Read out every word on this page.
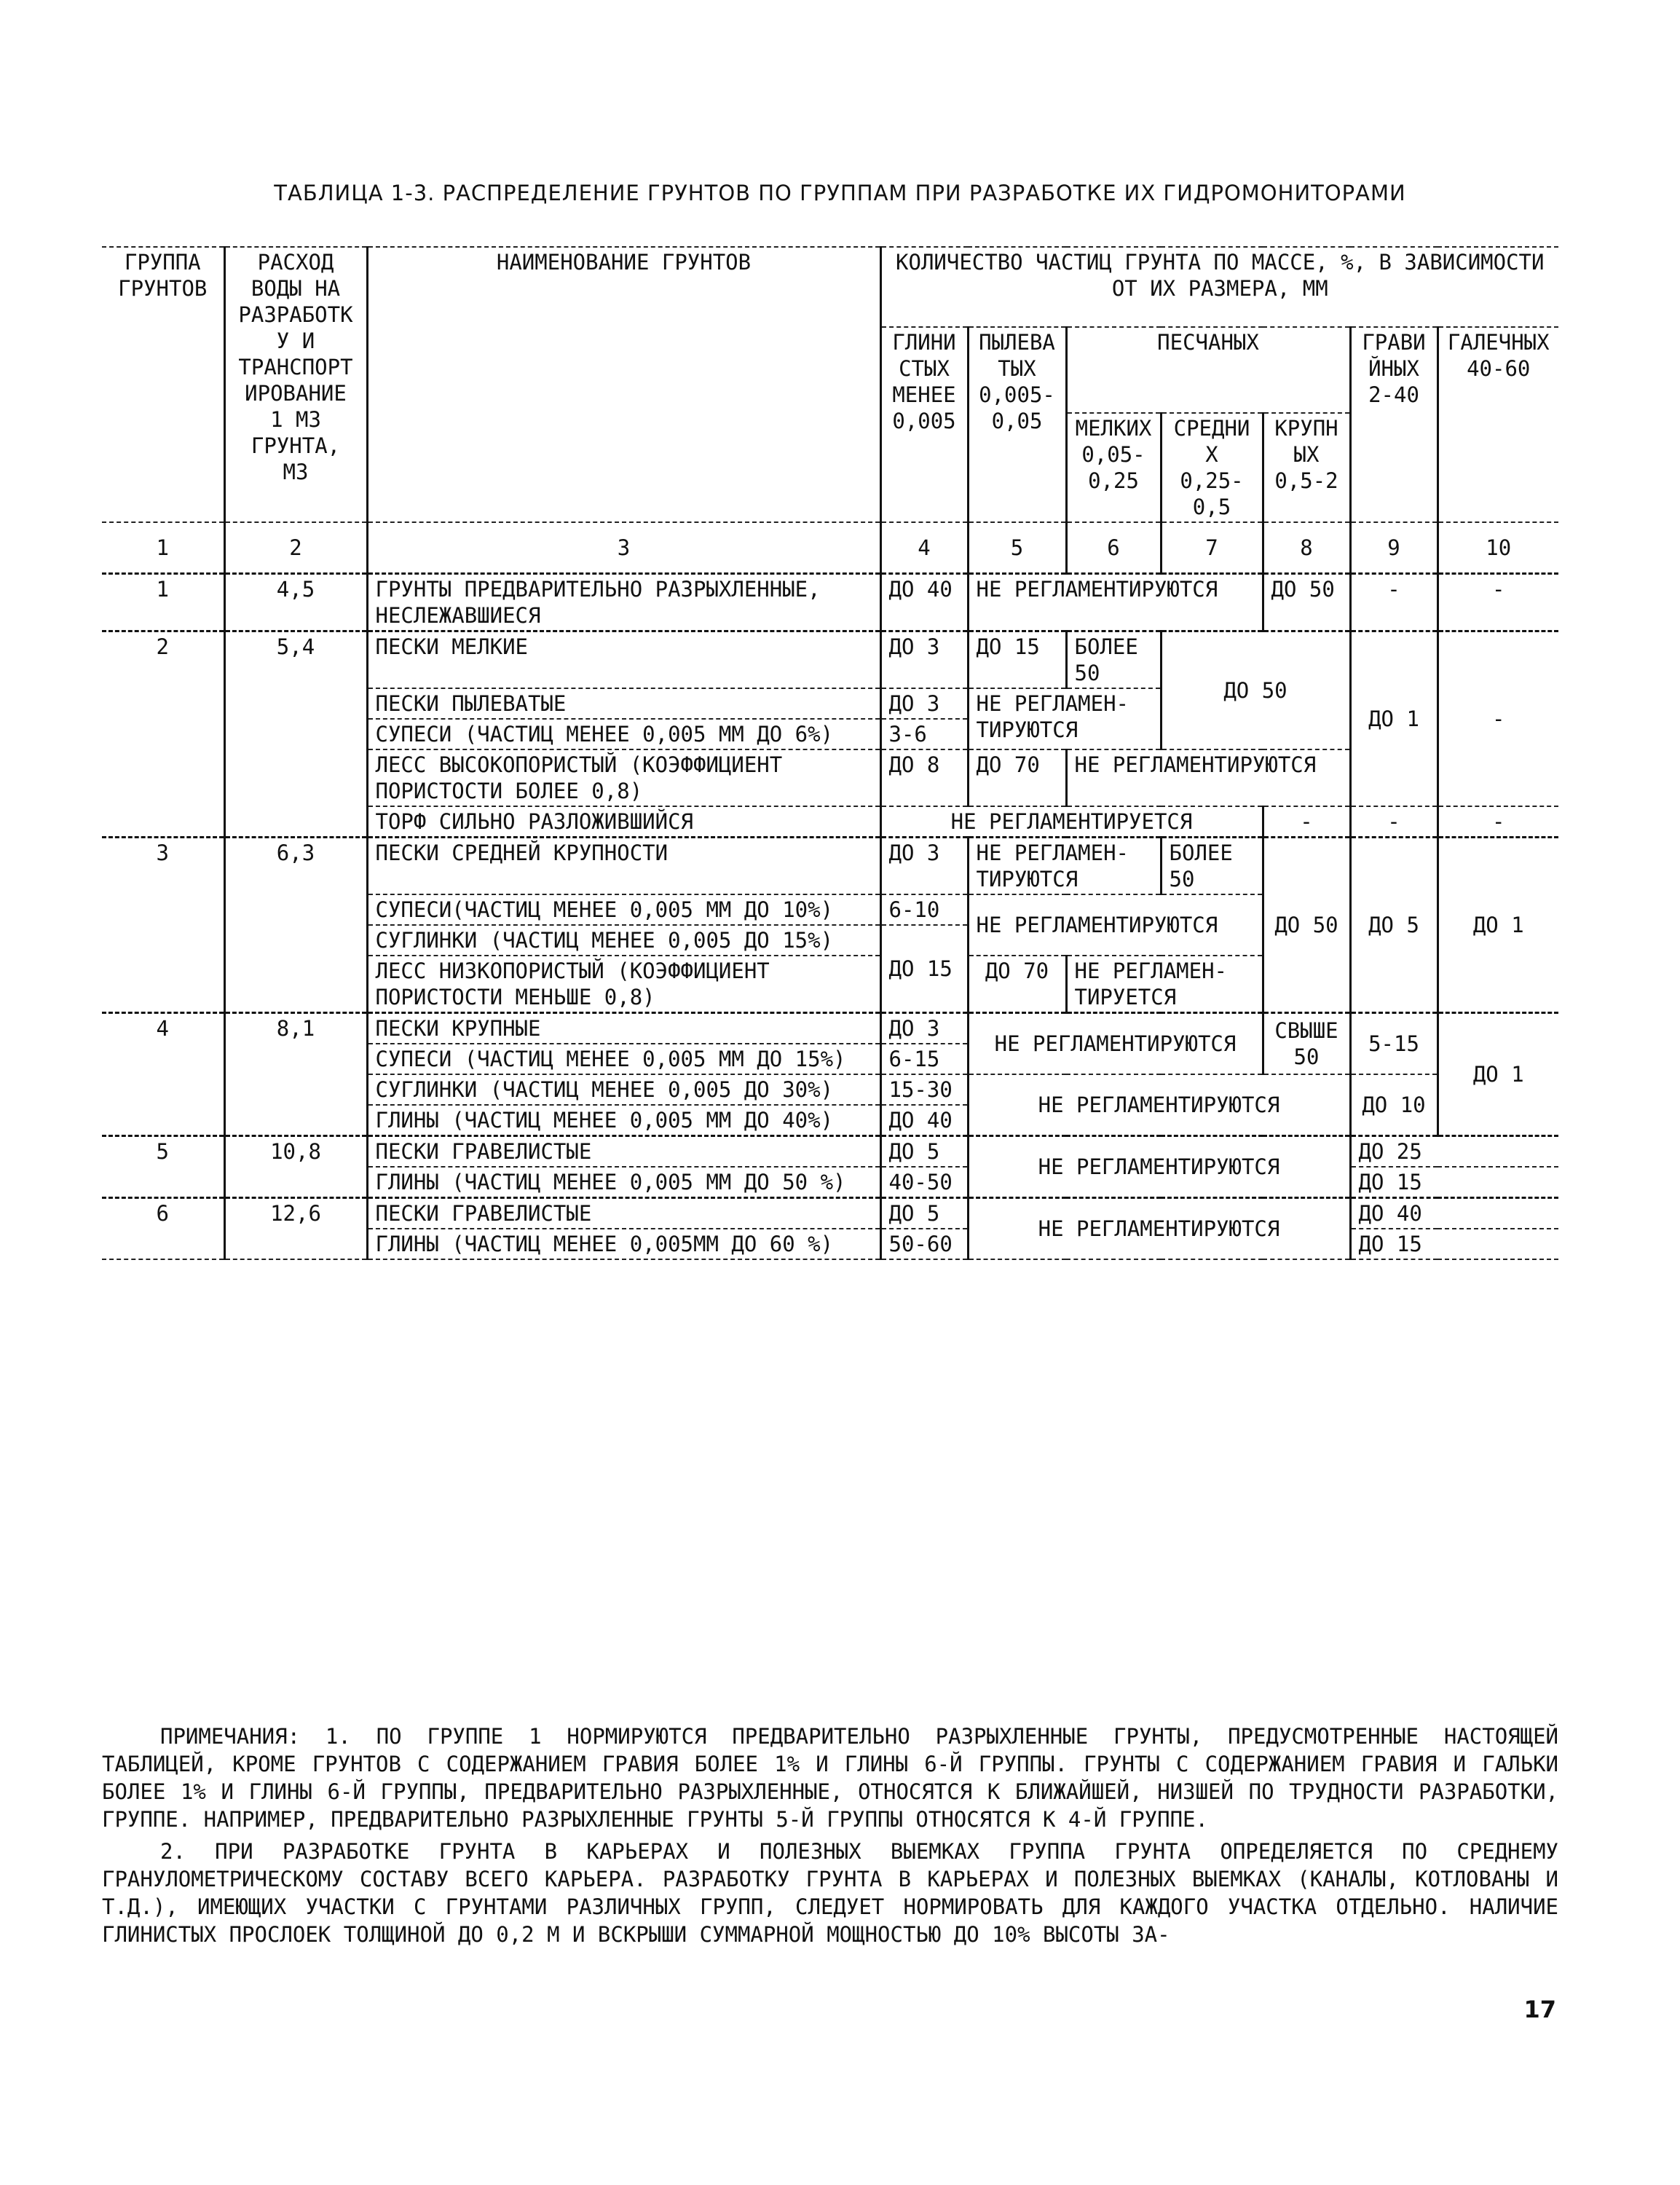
ТАБЛИЦА 1-3. РАСПРЕДЕЛЕНИЕ ГРУНТОВ ПО ГРУППАМ ПРИ РАЗРАБОТКЕ ИХ ГИДРОМОНИТОРАМИ
ГРУППА ГРУНТОВ	РАСХОД ВОДЫ НА РАЗРАБОТКУ И ТРАНСПОРТИРОВАНИЕ 1 М3 ГРУНТА, М3	НАИМЕНОВАНИЕ ГРУНТОВ	КОЛИЧЕСТВО ЧАСТИЦ ГРУНТА ПО МАССЕ, %, В ЗАВИСИМОСТИ ОТ ИХ РАЗМЕРА, ММ						
			ГЛИНИСТЫХ МЕНЕЕ 0,005	ПЫЛЕВАТЫХ 0,005-0,05	ПЕСЧАНЫХ			ГРАВИЙНЫХ 2-40	ГАЛЕЧНЫХ 40-60
					МЕЛКИХ 0,05-0,25	СРЕДНИХ 0,25-0,5	КРУПНЫХ 0,5-2		
1	2	3	4	5	6	7	8	9	10
1	4,5	ГРУНТЫ ПРЕДВАРИТЕЛЬНО РАЗРЫХЛЕННЫЕ, НЕСЛЕЖАВШИЕСЯ	ДО 40	НЕ РЕГЛАМЕНТИРУЮТСЯ			ДО 50	-	-
2	5,4	ПЕСКИ МЕЛКИЕ	ДО 3	ДО 15	БОЛЕЕ 50	ДО 50		ДО 1	-
		ПЕСКИ ПЫЛЕВАТЫЕ	ДО 3	НЕ РЕГЛАМЕН- ТИРУЮТСЯ					
		СУПЕСИ (ЧАСТИЦ МЕНЕЕ 0,005 ММ ДО 6%)	3-6						
		ЛЕСС ВЫСОКОПОРИСТЫЙ (КОЭФФИЦИЕНТ ПОРИСТОСТИ БОЛЕЕ 0,8)	ДО 8	ДО 70	НЕ РЕГЛАМЕНТИРУЮТСЯ				
		ТОРФ СИЛЬНО РАЗЛОЖИВШИЙСЯ	НЕ РЕГЛАМЕНТИРУЕТСЯ				-	-	-
3	6,3	ПЕСКИ СРЕДНЕЙ КРУПНОСТИ	ДО 3	НЕ РЕГЛАМЕН- ТИРУЮТСЯ		БОЛЕЕ 50	ДО 50	ДО 5	ДО 1
		СУПЕСИ(ЧАСТИЦ МЕНЕЕ 0,005 ММ ДО 10%)	6-10	НЕ РЕГЛАМЕНТИРУЮТСЯ					
		СУГЛИНКИ (ЧАСТИЦ МЕНЕЕ 0,005 ДО 15%)	ДО 15						
		ЛЕСС НИЗКОПОРИСТЫЙ (КОЭФФИЦИЕНТ ПОРИСТОСТИ МЕНЬШЕ 0,8)		ДО 70	НЕ РЕГЛАМЕН- ТИРУЕТСЯ				
4	8,1	ПЕСКИ КРУПНЫЕ	ДО 3	НЕ РЕГЛАМЕНТИРУЮТСЯ			СВЫШЕ 50	5-15	ДО 1
		СУПЕСИ (ЧАСТИЦ МЕНЕЕ 0,005 ММ ДО 15%)	6-15						
		СУГЛИНКИ (ЧАСТИЦ МЕНЕЕ 0,005 ДО 30%)	15-30	НЕ РЕГЛАМЕНТИРУЮТСЯ				ДО 10	
		ГЛИНЫ (ЧАСТИЦ МЕНЕЕ 0,005 ММ ДО 40%)	ДО 40						
5	10,8	ПЕСКИ ГРАВЕЛИСТЫЕ	ДО 5	НЕ РЕГЛАМЕНТИРУЮТСЯ				ДО 25	
		ГЛИНЫ (ЧАСТИЦ МЕНЕЕ 0,005 ММ ДО 50 %)	40-50					ДО 15	
6	12,6	ПЕСКИ ГРАВЕЛИСТЫЕ	ДО 5	НЕ РЕГЛАМЕНТИРУЮТСЯ				ДО 40	
		ГЛИНЫ (ЧАСТИЦ МЕНЕЕ 0,005ММ ДО 60 %)	50-60					ДО 15	

ПРИМЕЧАНИЯ: 1. ПО ГРУППЕ 1 НОРМИРУЮТСЯ ПРЕДВАРИТЕЛЬНО РАЗРЫХЛЕННЫЕ ГРУНТЫ, ПРЕДУСМОТРЕННЫЕ НАСТОЯЩЕЙ ТАБЛИЦЕЙ, КРОМЕ ГРУНТОВ С СОДЕРЖАНИЕМ ГРАВИЯ БОЛЕЕ 1% И ГЛИНЫ 6-Й ГРУППЫ. ГРУНТЫ С СОДЕРЖАНИЕМ ГРАВИЯ И ГАЛЬКИ БОЛЕЕ 1% И ГЛИНЫ 6-Й ГРУППЫ, ПРЕДВАРИТЕЛЬНО РАЗРЫХЛЕННЫЕ, ОТНОСЯТСЯ К БЛИЖАЙШЕЙ, НИЗШЕЙ ПО ТРУДНОСТИ РАЗРАБОТКИ, ГРУППЕ. НАПРИМЕР, ПРЕДВАРИТЕЛЬНО РАЗРЫХЛЕННЫЕ ГРУНТЫ 5-Й ГРУППЫ ОТНОСЯТСЯ К 4-Й ГРУППЕ.

2. ПРИ РАЗРАБОТКЕ ГРУНТА В КАРЬЕРАХ И ПОЛЕЗНЫХ ВЫЕМКАХ ГРУППА ГРУНТА ОПРЕДЕЛЯЕТСЯ ПО СРЕДНЕМУ ГРАНУЛОМЕТРИЧЕСКОМУ СОСТАВУ ВСЕГО КАРЬЕРА. РАЗРАБОТКУ ГРУНТА В КАРЬЕРАХ И ПОЛЕЗНЫХ ВЫЕМКАХ (КАНАЛЫ, КОТЛОВАНЫ И Т.Д.), ИМЕЮЩИХ УЧАСТКИ С ГРУНТАМИ РАЗЛИЧНЫХ ГРУПП, СЛЕДУЕТ НОРМИРОВАТЬ ДЛЯ КАЖДОГО УЧАСТКА ОТДЕЛЬНО. НАЛИЧИЕ ГЛИНИСТЫХ ПРОСЛОЕК ТОЛЩИНОЙ ДО 0,2 М И ВСКРЫШИ СУММАРНОЙ МОЩНОСТЬЮ ДО 10% ВЫСОТЫ ЗА-

17
